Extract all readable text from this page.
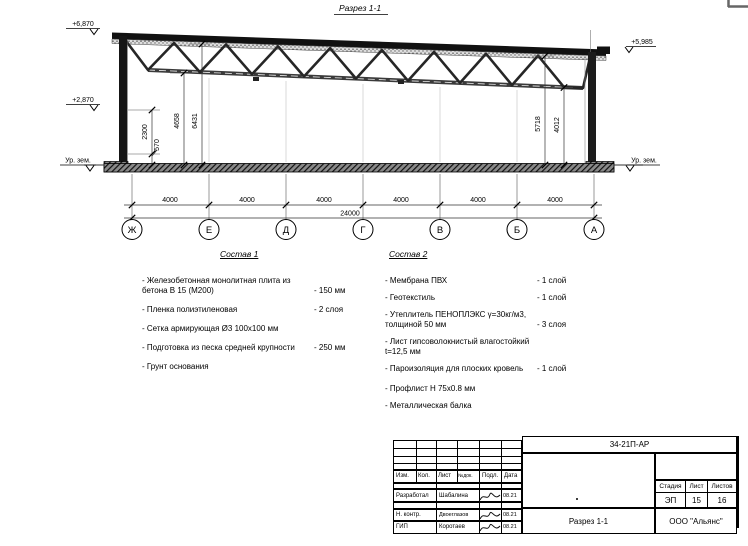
Разрез 1-1
4000	4000	4000	4000	4000	4000
24000
Ж	Е	Д	Г	В	Б	А
2300
570
4658 6431	5718 4012
+6,870
+2,870
Ур. зем.
+5,985
Ур. зем.
Состав 1
- Железобетонная монолитная плита из бетона В 15 (М200)	- 150 мм
- Пленка полиэтиленовая	- 2 слоя
- Сетка армирующая Ø3 100x100 мм
- Подготовка из песка средней крупности	- 250 мм
- Грунт основания
Состав 2
- Мембрана ПВХ	- 1 слой
- Геотекстиль	- 1 слой
- Утеплитель ПЕНОПЛЭКС γ=30кг/м3, толщиной 50 мм	- 3 слоя
- Лист гипсоволокнистый влагостойкий t=12,5 мм
- Пароизоляция для плоских кровель	- 1 слой
- Профлист Н 75х0.8 мм
- Металлическая балка
34-21П-АР
Изм. Кол. Лист №док. Подл. Дата
Разработал Шабалина	08.21
Н. контр.	Двоеглазов	08.21
ГИП	Коротаев	08.21
Разрез 1-1
Стадия Лист Листов
ЭП 15 16
ООО "Альянс"
